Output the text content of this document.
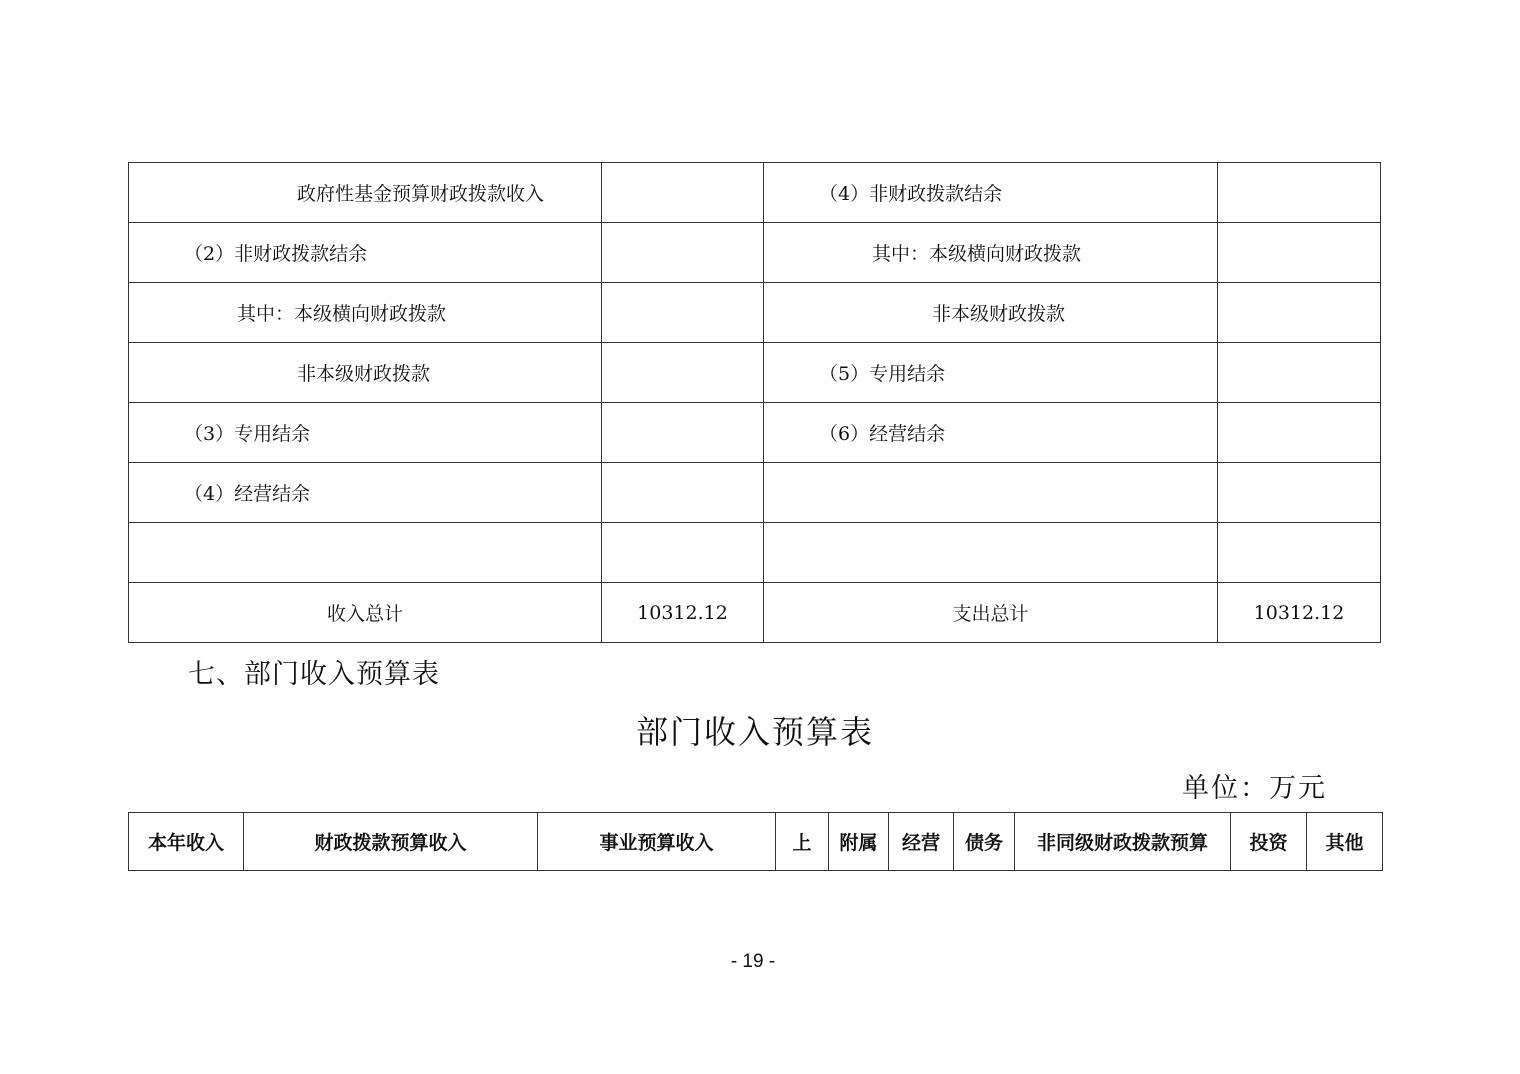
政府性基金预算财政拨款收入		（4）非财政拨款结余	
（2）非财政拨款结余		其中：本级横向财政拨款	
其中：本级横向财政拨款		非本级财政拨款	
非本级财政拨款		（5）专用结余	
（3）专用结余		（6）经营结余	
（4）经营结余			

收入总计	10312.12	支出总计	10312.12
七、部门收入预算表
部门收入预算表
单位：万元
本年收入	财政拨款预算收入	事业预算收入	上	附属	经营	债务	非同级财政拨款预算	投资	其他
- 19 -
